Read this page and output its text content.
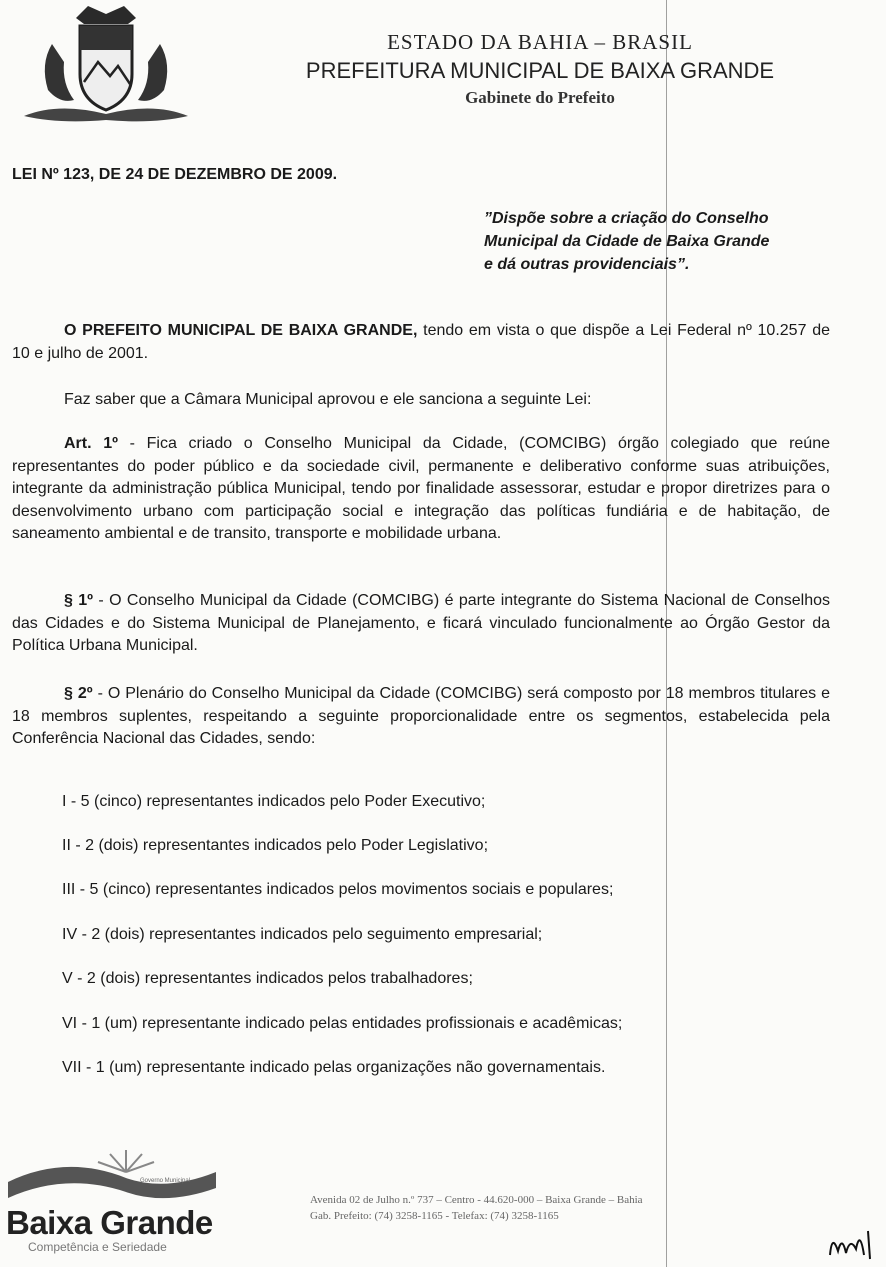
ESTADO DA BAHIA – BRASIL
PREFEITURA MUNICIPAL DE BAIXA GRANDE
Gabinete do Prefeito
LEI Nº 123, DE 24 DE DEZEMBRO DE 2009.
”Dispõe sobre a criação do Conselho
Municipal da Cidade de Baixa Grande
e dá outras providenciais”.
O PREFEITO MUNICIPAL DE BAIXA GRANDE, tendo em vista o que dispõe a Lei Federal nº 10.257 de 10 e julho de 2001.
Faz saber que a Câmara Municipal aprovou e ele sanciona a seguinte Lei:
Art. 1º - Fica criado o Conselho Municipal da Cidade, (COMCIBG) órgão colegiado que reúne representantes do poder público e da sociedade civil, permanente e deliberativo conforme suas atribuições, integrante da administração pública Municipal, tendo por finalidade assessorar, estudar e propor diretrizes para o desenvolvimento urbano com participação social e integração das políticas fundiária e de habitação, de saneamento ambiental e de transito, transporte e mobilidade urbana.
§ 1º - O Conselho Municipal da Cidade (COMCIBG) é parte integrante do Sistema Nacional de Conselhos das Cidades e do Sistema Municipal de Planejamento, e ficará vinculado funcionalmente ao Órgão Gestor da Política Urbana Municipal.
§ 2º - O Plenário do Conselho Municipal da Cidade (COMCIBG) será composto por 18 membros titulares e 18 membros suplentes, respeitando a seguinte proporcionalidade entre os segmentos, estabelecida pela Conferência Nacional das Cidades, sendo:
I - 5 (cinco) representantes indicados pelo Poder Executivo;
II - 2 (dois) representantes indicados pelo Poder Legislativo;
III - 5 (cinco) representantes indicados pelos movimentos sociais e populares;
IV - 2 (dois) representantes indicados pelo seguimento empresarial;
V - 2 (dois) representantes indicados pelos trabalhadores;
VI - 1 (um) representante indicado pelas entidades profissionais e acadêmicas;
VII - 1 (um) representante indicado pelas organizações não governamentais.
Governo Municipal
Baixa Grande
Competência e Seriedade
Avenida 02 de Julho n.º 737 – Centro - 44.620-000 – Baixa Grande – Bahia
Gab. Prefeito: (74) 3258-1165 - Telefax: (74) 3258-1165
